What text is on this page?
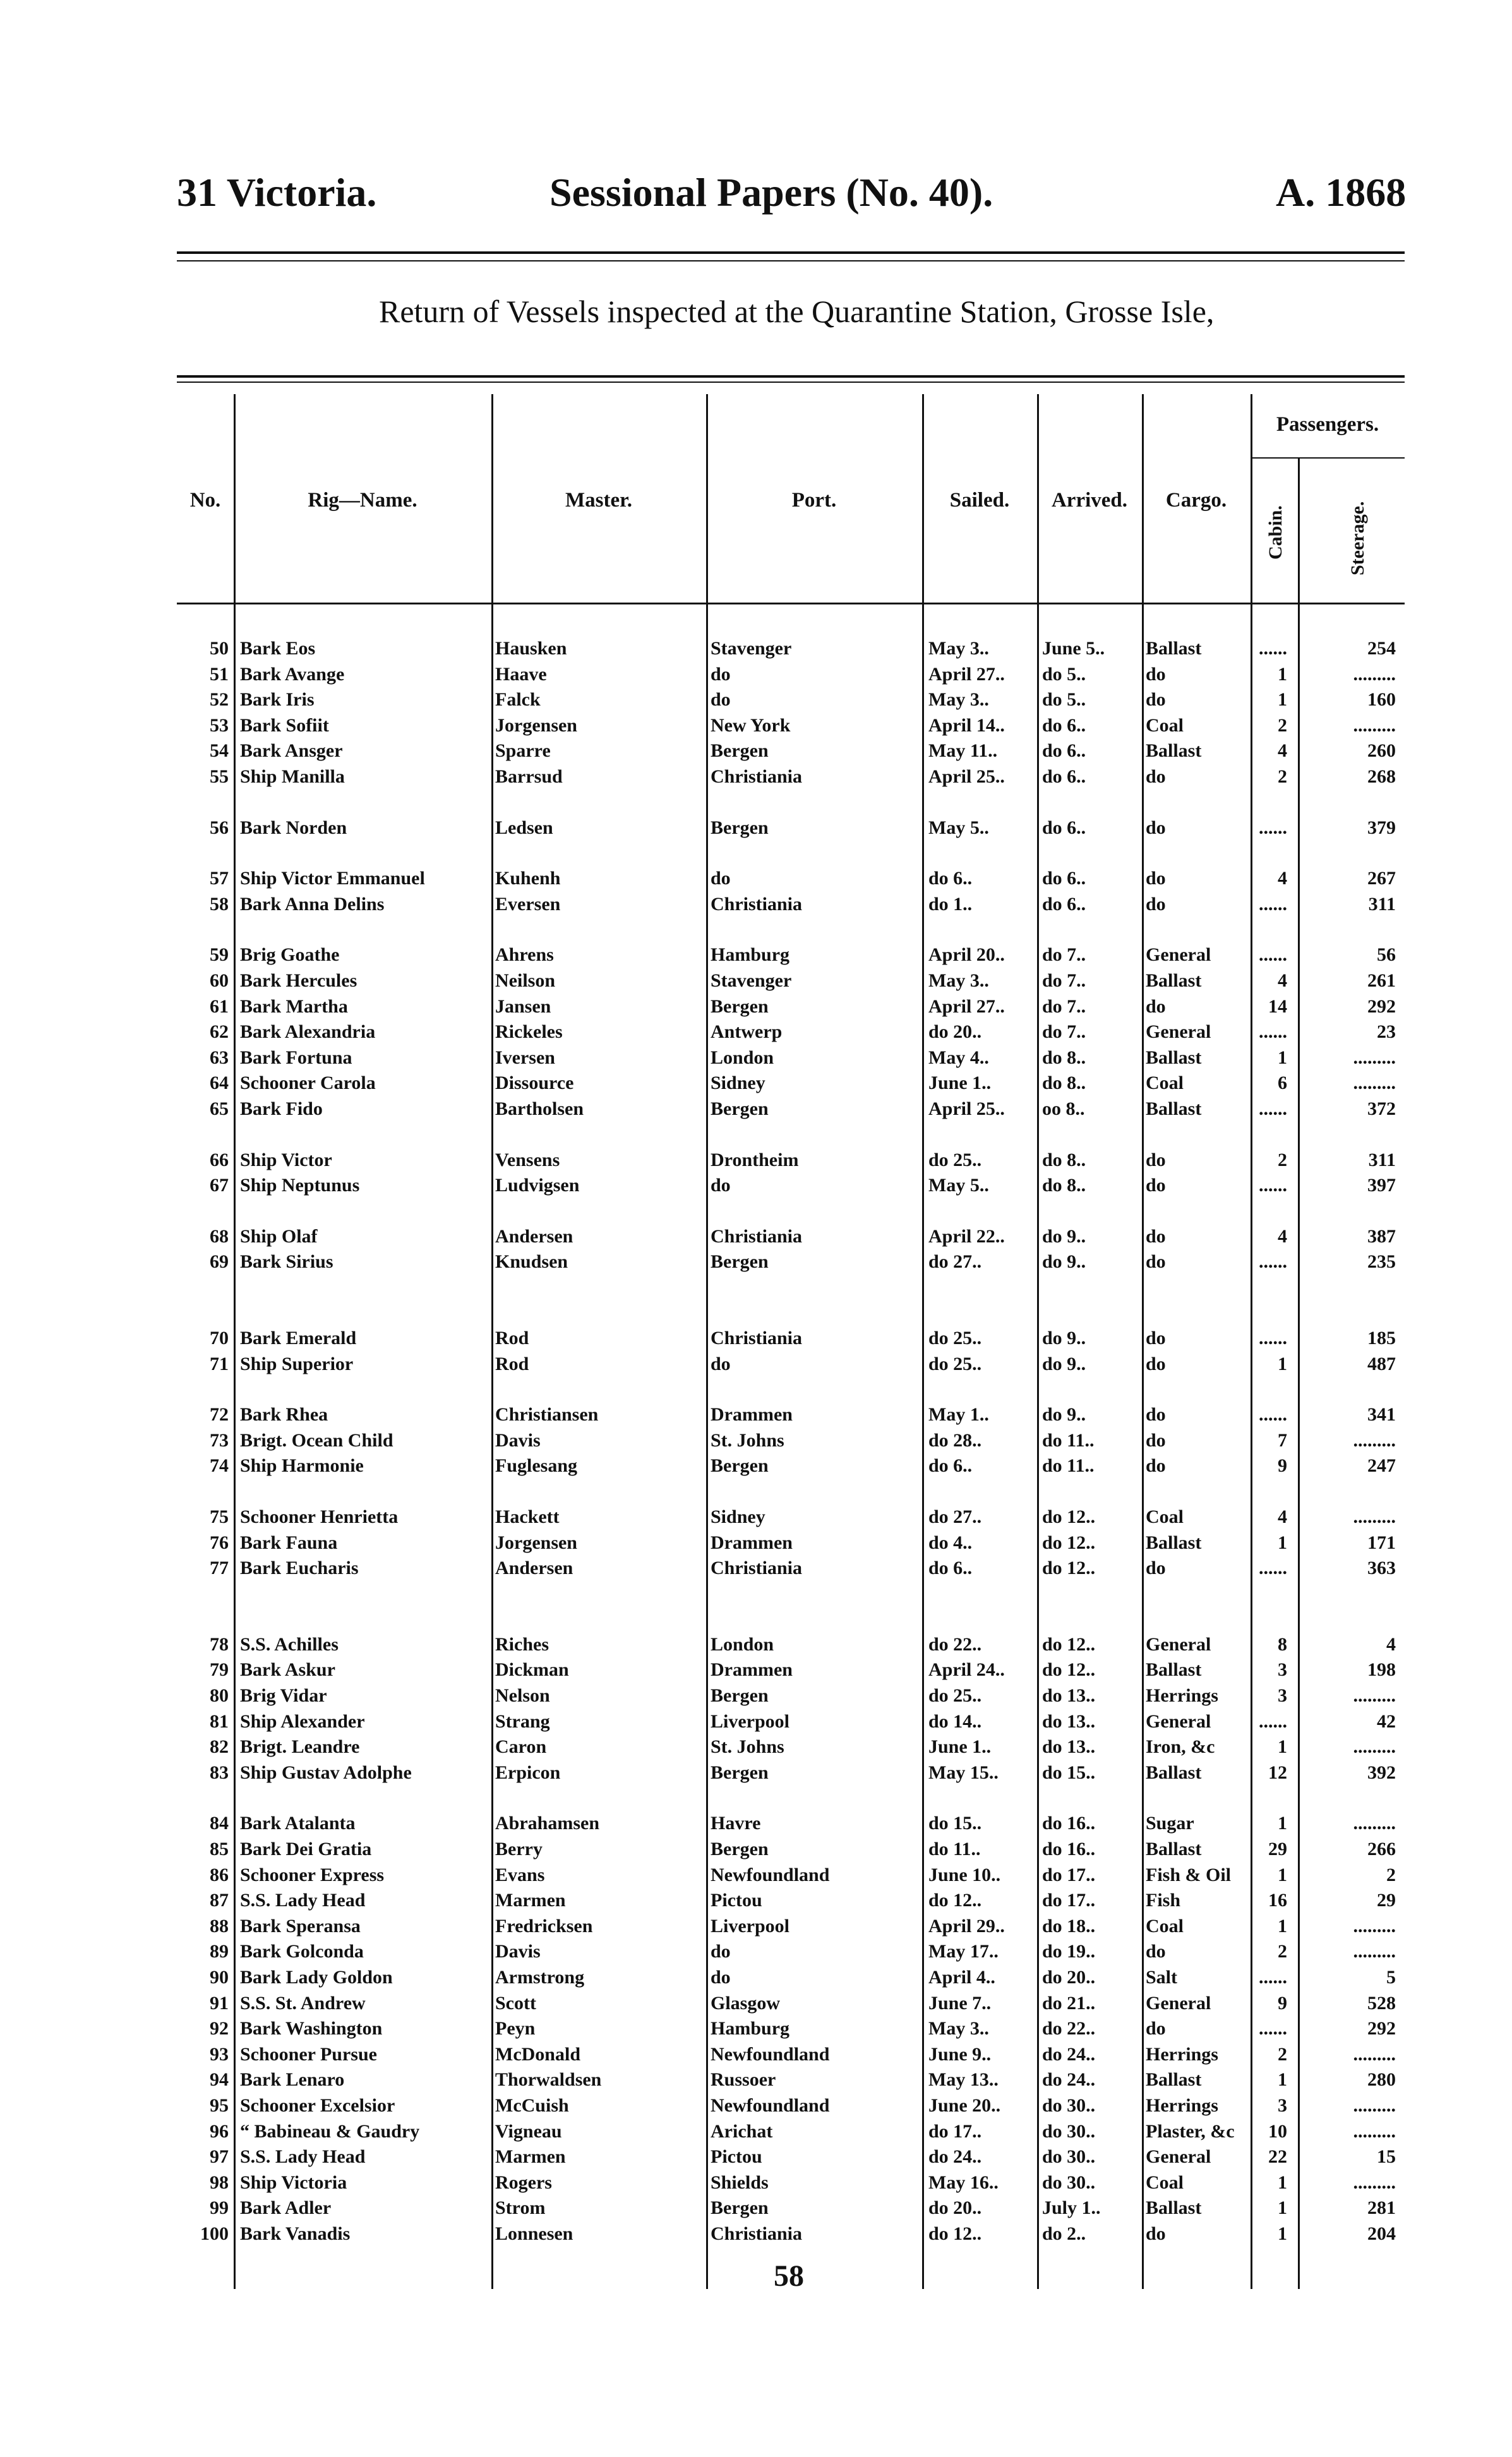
31 Victoria.	Sessional Papers (No. 40).	A. 1868
Return of Vessels inspected at the Quarantine Station, Grosse Isle,
No.	Rig—Name.	Master.	Port.	Sailed.	Arrived.	Cargo.
Passengers.
Cabin.	Steerage.
50 Bark Eos	Hausken	Stavenger	May 3..	June 5..	Ballast	......	254
51 Bark Avange	Haave	do	April 27..	do 5..	do	1	.........
52 Bark Iris	Falck	do	May 3..	do 5..	do	1	160
53 Bark Sofiit	Jorgensen	New York	April 14..	do 6..	Coal	2	.........
54 Bark Ansger	Sparre	Bergen	May 11..	do 6..	Ballast	4	260
55 Ship Manilla	Barrsud	Christiania	April 25..	do 6..	do	2	268
56 Bark Norden	Ledsen	Bergen	May 5..	do 6..	do	......	379
57 Ship Victor Emmanuel	Kuhenh	do	do 6..	do 6..	do	4	267
58 Bark Anna Delins	Eversen	Christiania	do 1..	do 6..	do	......	311
59 Brig Goathe	Ahrens	Hamburg	April 20..	do 7..	General	......	56
60 Bark Hercules	Neilson	Stavenger	May 3..	do 7..	Ballast	4	261
61 Bark Martha	Jansen	Bergen	April 27..	do 7..	do	14	292
62 Bark Alexandria	Rickeles	Antwerp	do 20..	do 7..	General	......	23
63 Bark Fortuna	Iversen	London	May 4..	do 8..	Ballast	1	.........
64 Schooner Carola	Dissource	Sidney	June 1..	do 8..	Coal	6	.........
65 Bark Fido	Bartholsen	Bergen	April 25..	oo 8..	Ballast	......	372
66 Ship Victor	Vensens	Drontheim	do 25..	do 8..	do	2	311
67 Ship Neptunus	Ludvigsen	do	May 5..	do 8..	do	......	397
68 Ship Olaf	Andersen	Christiania	April 22..	do 9..	do	4	387
69 Bark Sirius	Knudsen	Bergen	do 27..	do 9..	do	......	235
70 Bark Emerald	Rod	Christiania	do 25..	do 9..	do	......	185
71 Ship Superior	Rod	do	do 25..	do 9..	do	1	487
72 Bark Rhea	Christiansen	Drammen	May 1..	do 9..	do	......	341
73 Brigt. Ocean Child	Davis	St. Johns	do 28..	do 11..	do	7	.........
74 Ship Harmonie	Fuglesang	Bergen	do 6..	do 11..	do	9	247
75 Schooner Henrietta	Hackett	Sidney	do 27..	do 12..	Coal	4	.........
76 Bark Fauna	Jorgensen	Drammen	do 4..	do 12..	Ballast	1	171
77 Bark Eucharis	Andersen	Christiania	do 6..	do 12..	do	......	363
78 S.S. Achilles	Riches	London	do 22..	do 12..	General	8	4
79 Bark Askur	Dickman	Drammen	April 24..	do 12..	Ballast	3	198
80 Brig Vidar	Nelson	Bergen	do 25..	do 13..	Herrings	3	.........
81 Ship Alexander	Strang	Liverpool	do 14..	do 13..	General	......	42
82 Brigt. Leandre	Caron	St. Johns	June 1..	do 13..	Iron, &c	1	.........
83 Ship Gustav Adolphe	Erpicon	Bergen	May 15..	do 15..	Ballast	12	392
84 Bark Atalanta	Abrahamsen	Havre	do 15..	do 16..	Sugar	1	.........
85 Bark Dei Gratia	Berry	Bergen	do 11..	do 16..	Ballast	29	266
86 Schooner Express	Evans	Newfoundland	June 10..	do 17..	Fish & Oil	1	2
87 S.S. Lady Head	Marmen	Pictou	do 12..	do 17..	Fish	16	29
88 Bark Speransa	Fredricksen	Liverpool	April 29..	do 18..	Coal	1	.........
89 Bark Golconda	Davis	do	May 17..	do 19..	do	2	.........
90 Bark Lady Goldon	Armstrong	do	April 4..	do 20..	Salt	......	5
91 S.S. St. Andrew	Scott	Glasgow	June 7..	do 21..	General	9	528
92 Bark Washington	Peyn	Hamburg	May 3..	do 22..	do	......	292
93 Schooner Pursue	McDonald	Newfoundland	June 9..	do 24..	Herrings	2	.........
94 Bark Lenaro	Thorwaldsen	Russoer	May 13..	do 24..	Ballast	1	280
95 Schooner Excelsior	McCuish	Newfoundland	June 20..	do 30..	Herrings	3	.........
96 “ Babineau & Gaudry	Vigneau	Arichat	do 17..	do 30..	Plaster, &c	10	.........
97 S.S. Lady Head	Marmen	Pictou	do 24..	do 30..	General	22	15
98 Ship Victoria	Rogers	Shields	May 16..	do 30..	Coal	1	.........
99 Bark Adler	Strom	Bergen	do 20..	July 1..	Ballast	1	281
100 Bark Vanadis	Lonnesen	Christiania	do 12..	do 2..	do	1	204
58
